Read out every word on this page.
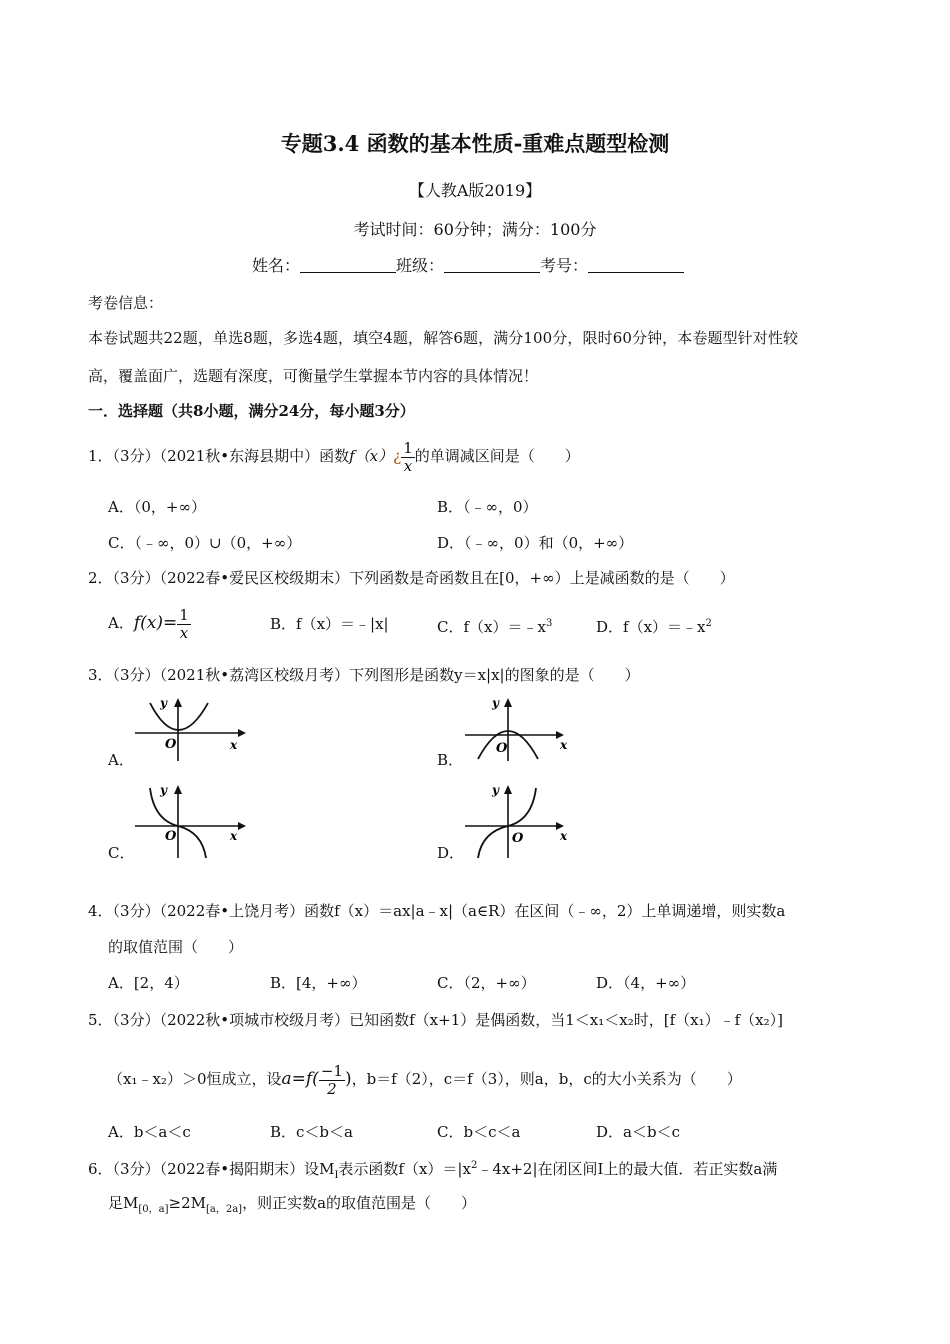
专题3.4 函数的基本性质-重难点题型检测
【人教A版2019】
考试时间：60分钟；满分：100分
姓名：	班级：	考号：
考卷信息：
本卷试题共22题，单选8题，多选4题，填空4题，解答6题，满分100分，限时60分钟，本卷题型针对性较
高，覆盖面广，选题有深度，可衡量学生掌握本节内容的具体情况！
一．选择题（共8小题，满分24分，每小题3分）
1．（3分）（2021秋•东海县期中）函数f（x）¿ $\frac{1}{x}$ 的单调减区间是（　　）
A．（0，+∞）	B．（﹣∞，0）
C．（﹣∞，0）∪（0，+∞）	D．（﹣∞，0）和（0，+∞）
2．（3分）（2022春•爱民区校级期末）下列函数是奇函数且在[0，+∞）上是减函数的是（　　）
A．$f(x)= \frac{1}{x}$	B．f（x）＝﹣|x|	C．$f(x)=﹣x^3$	D．$f(x)=﹣x^2$
3．（3分）（2021秋•荔湾区校级月考）下列图形是函数y＝x|x|的图象的是（　　）
A．	B．
C．	D．
y
O	x
y
O	x
y
O	x
y
O	x
4．（3分）（2022春•上饶月考）函数f（x）＝ax|a﹣x|（a∈R）在区间（﹣∞，2）上单调递增，则实数a
的取值范围（　　）
A．[2，4）	B．[4，+∞）	C．（2，+∞）	D．（4，+∞）
5．（3分）（2022秋•项城市校级月考）已知函数f（x+1）是偶函数，当1＜x₁＜x₂时，[f（x₁）﹣f（x₂）]
（x₁﹣x₂）＞0恒成立，设$a=f( \frac{-1}{2}$ )，b＝f（2），c＝f（3），则a，b，c的大小关系为（　　）
A．b＜a＜c	B．c＜b＜a	C．b＜c＜a	D．a＜b＜c
6．（3分）（2022春•揭阳期末）设$M_I$表示函数$f(x)=|x^2﹣4x+2|$在闭区间I上的最大值．若正实数a满
足$M_{[0,a]}\ge 2M_{[a,2a]}$，则正实数a的取值范围是（　　）
